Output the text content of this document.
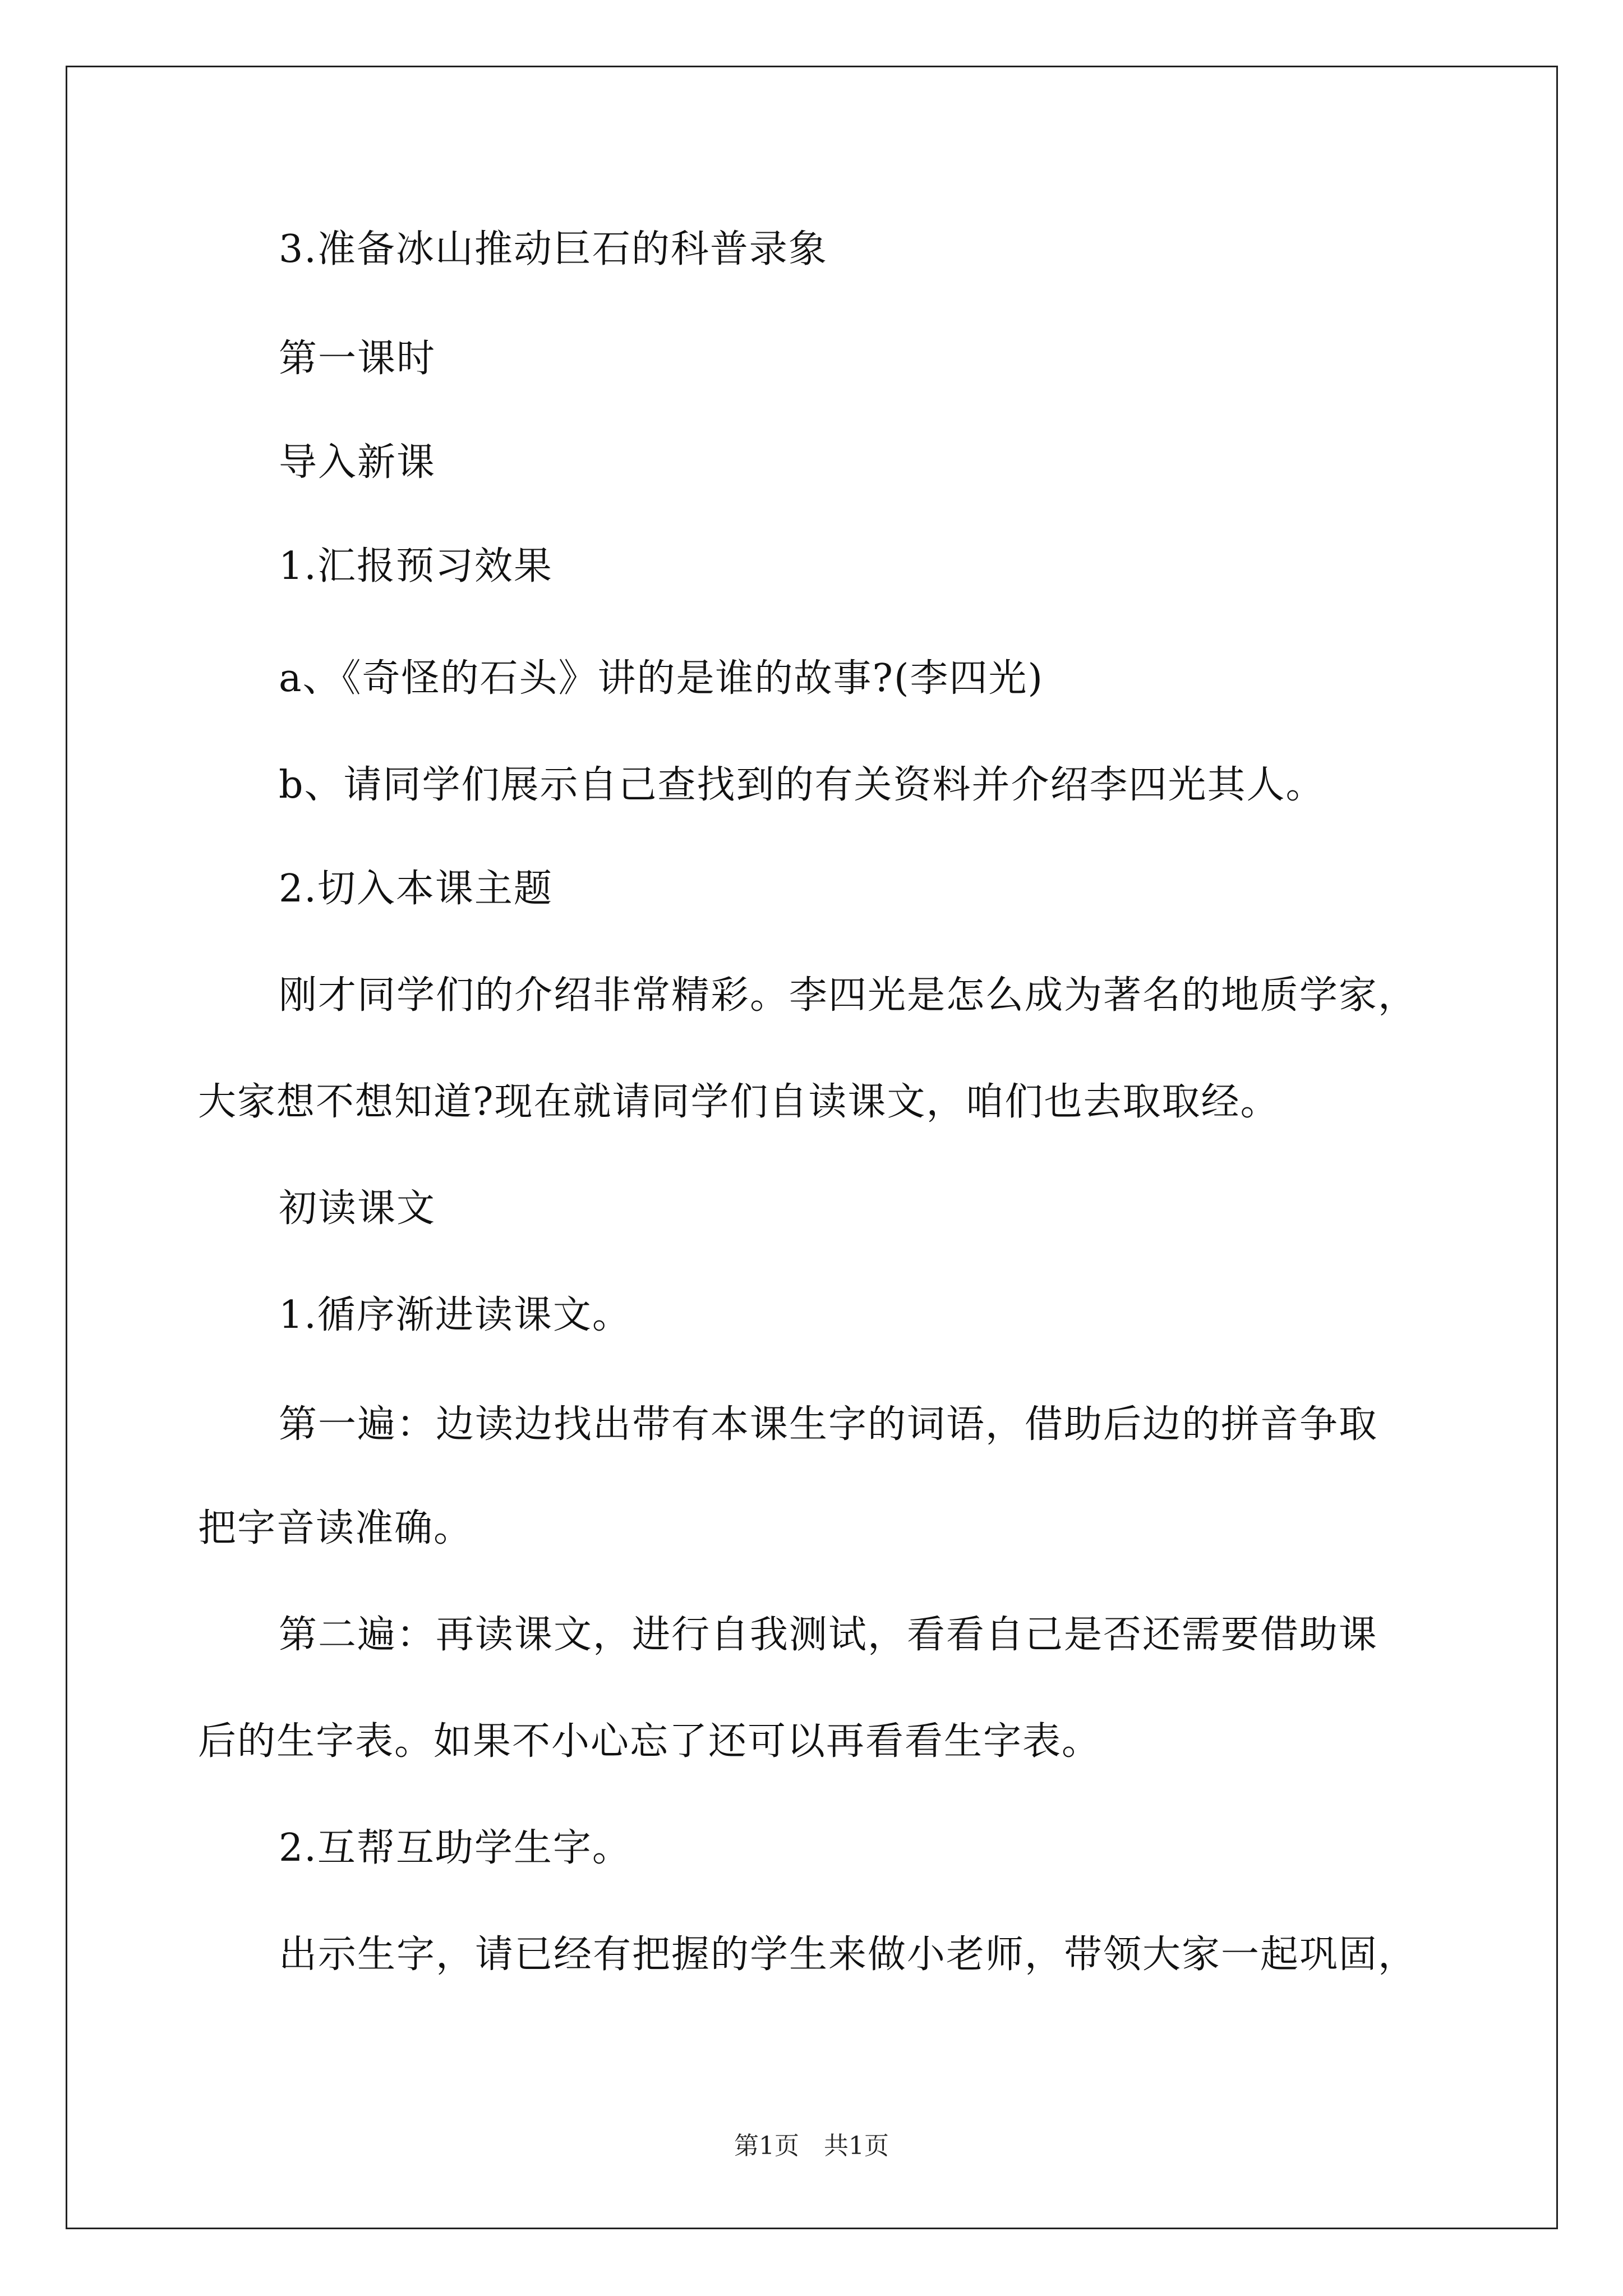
3.准备冰山推动巨石的科普录象
第一课时
导入新课
1.汇报预习效果
a、《奇怪的石头》讲的是谁的故事?(李四光)
b、请同学们展示自己查找到的有关资料并介绍李四光其人。
2.切入本课主题
刚才同学们的介绍非常精彩。李四光是怎么成为著名的地质学家，
大家想不想知道?现在就请同学们自读课文，咱们也去取取经。
初读课文
1.循序渐进读课文。
第一遍：边读边找出带有本课生字的词语，借助后边的拼音争取
把字音读准确。
第二遍：再读课文，进行自我测试，看看自己是否还需要借助课
后的生字表。如果不小心忘了还可以再看看生字表。
2.互帮互助学生字。
出示生字，请已经有把握的学生来做小老师，带领大家一起巩固，
第1页　共1页
